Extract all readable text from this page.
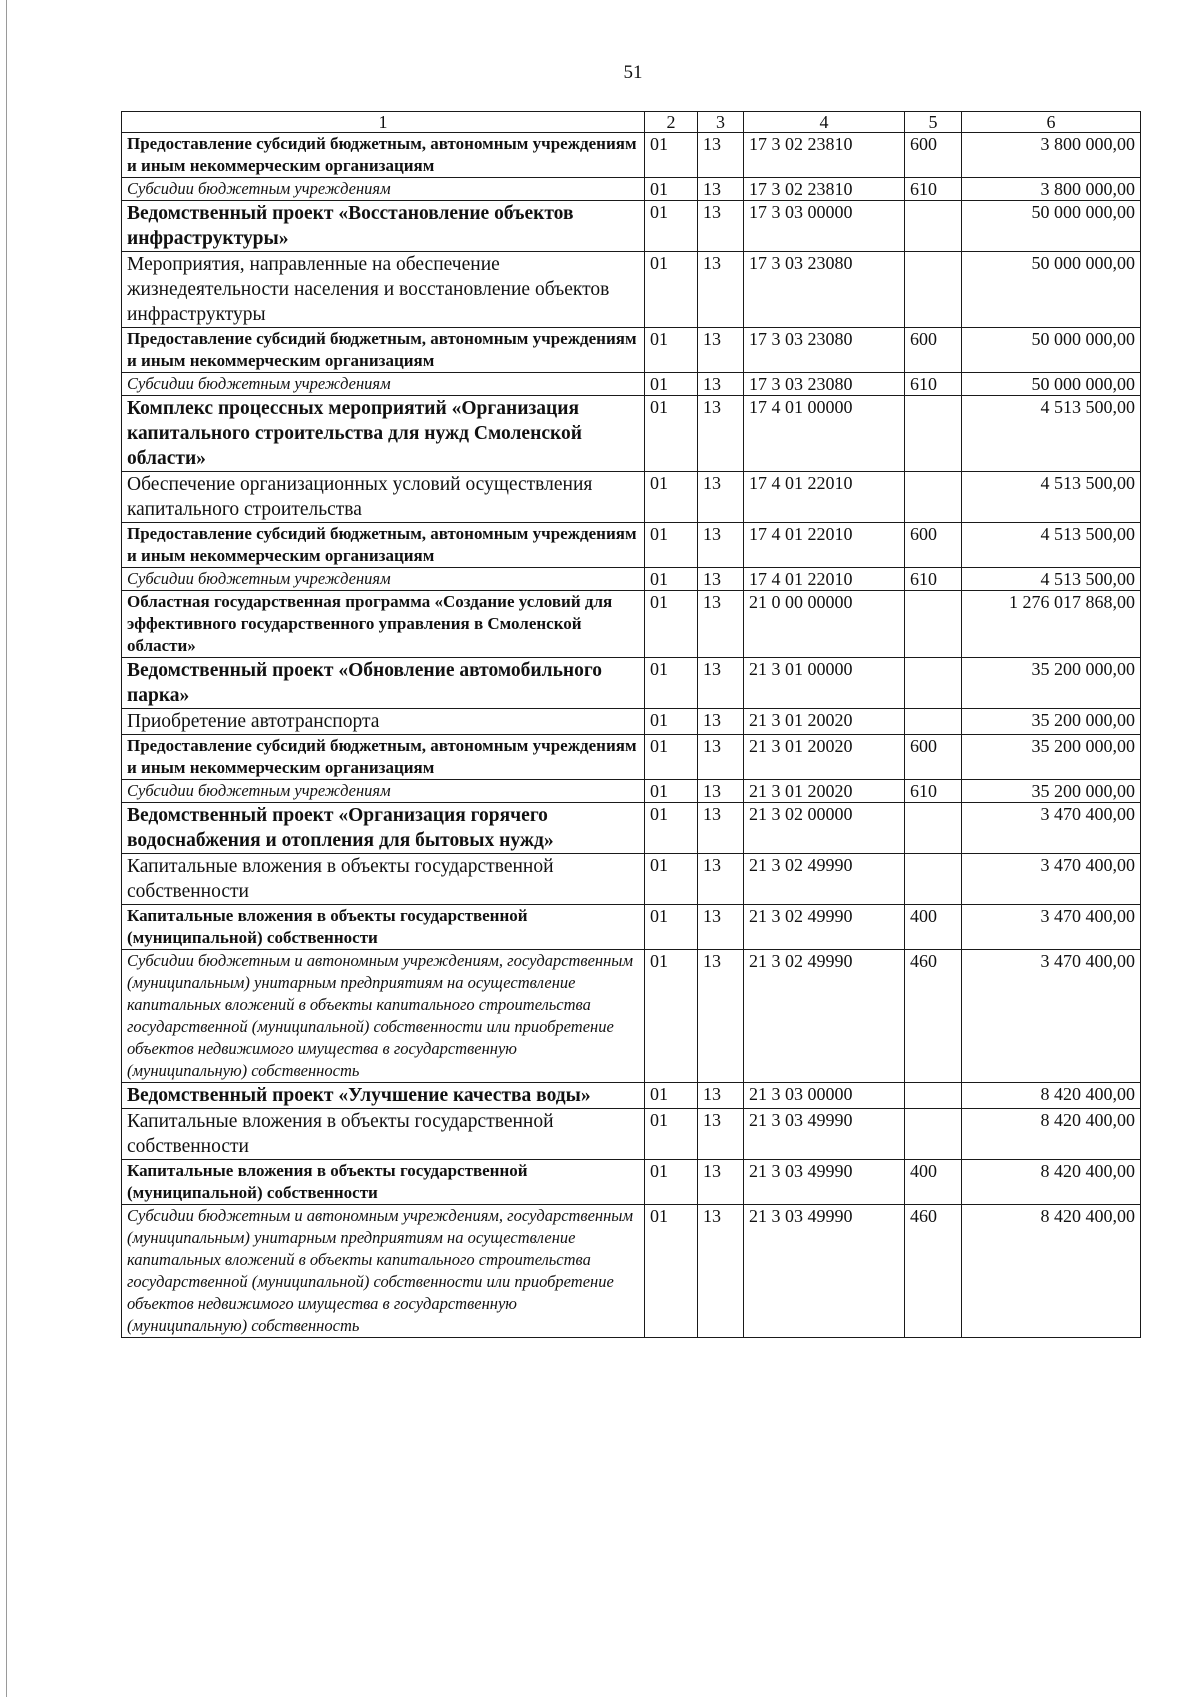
51
1	2	3	4	5	6
Предоставление субсидий бюджетным, автономным учреждениям и иным некоммерческим организациям	01	13	17 3 02 23810	600	3 800 000,00
Субсидии бюджетным учреждениям	01	13	17 3 02 23810	610	3 800 000,00
Ведомственный проект «Восстановление объектов инфраструктуры»	01	13	17 3 03 00000		50 000 000,00
Мероприятия, направленные на обеспечение жизнедеятельности населения и восстановление объектов инфраструктуры	01	13	17 3 03 23080		50 000 000,00
Предоставление субсидий бюджетным, автономным учреждениям и иным некоммерческим организациям	01	13	17 3 03 23080	600	50 000 000,00
Субсидии бюджетным учреждениям	01	13	17 3 03 23080	610	50 000 000,00
Комплекс процессных мероприятий «Организация капитального строительства для нужд Смоленской области»	01	13	17 4 01 00000		4 513 500,00
Обеспечение организационных условий осуществления капитального строительства	01	13	17 4 01 22010		4 513 500,00
Предоставление субсидий бюджетным, автономным учреждениям и иным некоммерческим организациям	01	13	17 4 01 22010	600	4 513 500,00
Субсидии бюджетным учреждениям	01	13	17 4 01 22010	610	4 513 500,00
Областная государственная программа «Создание условий для эффективного государственного управления в Смоленской области»	01	13	21 0 00 00000		1 276 017 868,00
Ведомственный проект «Обновление автомобильного парка»	01	13	21 3 01 00000		35 200 000,00
Приобретение автотранспорта	01	13	21 3 01 20020		35 200 000,00
Предоставление субсидий бюджетным, автономным учреждениям и иным некоммерческим организациям	01	13	21 3 01 20020	600	35 200 000,00
Субсидии бюджетным учреждениям	01	13	21 3 01 20020	610	35 200 000,00
Ведомственный проект «Организация горячего водоснабжения и отопления для бытовых нужд»	01	13	21 3 02 00000		3 470 400,00
Капитальные вложения в объекты государственной собственности	01	13	21 3 02 49990		3 470 400,00
Капитальные вложения в объекты государственной (муниципальной) собственности	01	13	21 3 02 49990	400	3 470 400,00
Субсидии бюджетным и автономным учреждениям, государственным (муниципальным) унитарным предприятиям на осуществление капитальных вложений в объекты капитального строительства государственной (муниципальной) собственности или приобретение объектов недвижимого имущества в государственную (муниципальную) собственность	01	13	21 3 02 49990	460	3 470 400,00
Ведомственный проект «Улучшение качества воды»	01	13	21 3 03 00000		8 420 400,00
Капитальные вложения в объекты государственной собственности	01	13	21 3 03 49990		8 420 400,00
Капитальные вложения в объекты государственной (муниципальной) собственности	01	13	21 3 03 49990	400	8 420 400,00
Субсидии бюджетным и автономным учреждениям, государственным (муниципальным) унитарным предприятиям на осуществление капитальных вложений в объекты капитального строительства государственной (муниципальной) собственности или приобретение объектов недвижимого имущества в государственную (муниципальную) собственность	01	13	21 3 03 49990	460	8 420 400,00
